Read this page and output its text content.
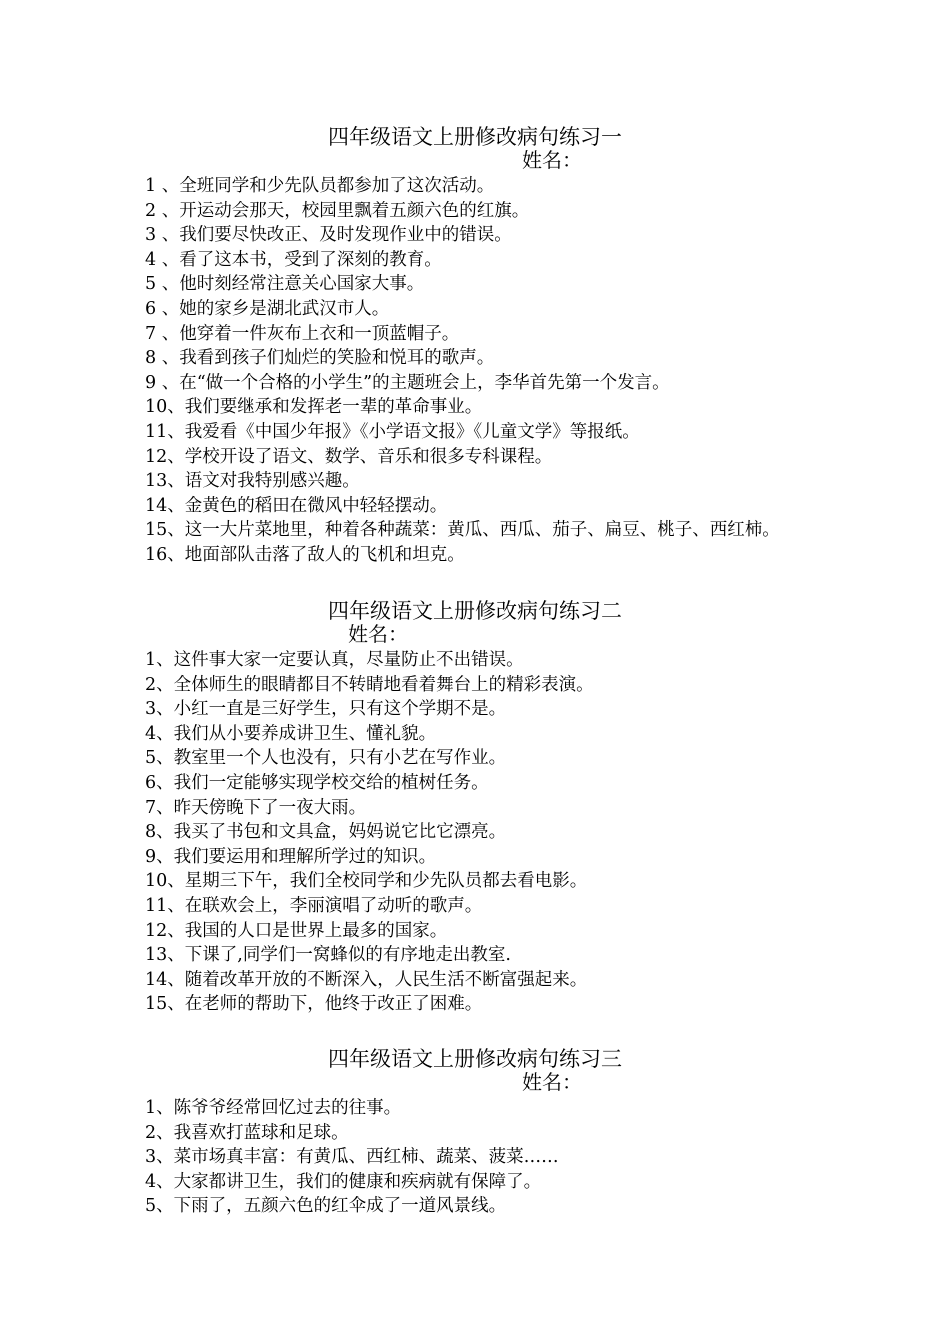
四年级语文上册修改病句练习一
姓名：
1 、全班同学和少先队员都参加了这次活动。
2 、开运动会那天，校园里飘着五颜六色的红旗。
3 、我们要尽快改正、及时发现作业中的错误。
4 、看了这本书，受到了深刻的教育。
5 、他时刻经常注意关心国家大事。
6 、她的家乡是湖北武汉市人。
7 、他穿着一件灰布上衣和一顶蓝帽子。
8 、我看到孩子们灿烂的笑脸和悦耳的歌声。
9 、在“做一个合格的小学生”的主题班会上，李华首先第一个发言。
10、我们要继承和发挥老一辈的革命事业。
11、我爱看《中国少年报》《小学语文报》《儿童文学》等报纸。
12、学校开设了语文、数学、音乐和很多专科课程。
13、语文对我特别感兴趣。
14、金黄色的稻田在微风中轻轻摆动。
15、这一大片菜地里，种着各种蔬菜：黄瓜、西瓜、茄子、扁豆、桃子、西红柿。
16、地面部队击落了敌人的飞机和坦克。
四年级语文上册修改病句练习二
姓名：
1、这件事大家一定要认真，尽量防止不出错误。
2、全体师生的眼睛都目不转睛地看着舞台上的精彩表演。
3、小红一直是三好学生，只有这个学期不是。
4、我们从小要养成讲卫生、懂礼貌。
5、教室里一个人也没有，只有小艺在写作业。
6、我们一定能够实现学校交给的植树任务。
7、昨天傍晚下了一夜大雨。
8、我买了书包和文具盒，妈妈说它比它漂亮。
9、我们要运用和理解所学过的知识。
10、星期三下午，我们全校同学和少先队员都去看电影。
11、在联欢会上，李丽演唱了动听的歌声。
12、我国的人口是世界上最多的国家。
13、下课了,同学们一窝蜂似的有序地走出教室.
14、随着改革开放的不断深入，人民生活不断富强起来。
15、在老师的帮助下，他终于改正了困难。
四年级语文上册修改病句练习三
姓名：
1、陈爷爷经常回忆过去的往事。
2、我喜欢打蓝球和足球。
3、菜市场真丰富：有黄瓜、西红柿、蔬菜、菠菜……
4、大家都讲卫生，我们的健康和疾病就有保障了。
5、下雨了，五颜六色的红伞成了一道风景线。
